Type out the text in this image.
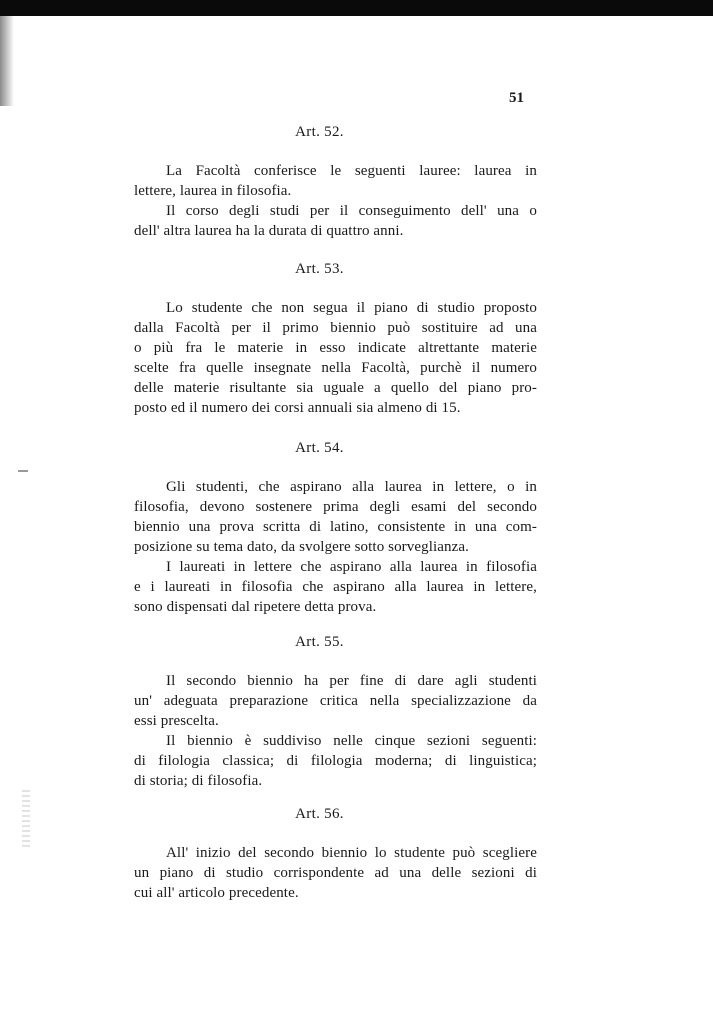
51
Art. 52.

La Facoltà conferisce le seguenti lauree: laurea in
lettere, laurea in filosofia.

Il corso degli studi per il conseguimento dell' una o
dell' altra laurea ha la durata di quattro anni.

Art. 53.

Lo studente che non segua il piano di studio proposto
dalla Facoltà per il primo biennio può sostituire ad una
o più fra le materie in esso indicate altrettante materie
scelte fra quelle insegnate nella Facoltà, purchè il numero
delle materie risultante sia uguale a quello del piano pro-
posto ed il numero dei corsi annuali sia almeno di 15.

Art. 54.

Gli studenti, che aspirano alla laurea in lettere, o in
filosofia, devono sostenere prima degli esami del secondo
biennio una prova scritta di latino, consistente in una com-
posizione su tema dato, da svolgere sotto sorveglianza.

I laureati in lettere che aspirano alla laurea in filosofia
e i laureati in filosofia che aspirano alla laurea in lettere,
sono dispensati dal ripetere detta prova.

Art. 55.

Il secondo biennio ha per fine di dare agli studenti
un' adeguata preparazione critica nella specializzazione da
essi prescelta.

Il biennio è suddiviso nelle cinque sezioni seguenti:
di filologia classica; di filologia moderna; di linguistica;
di storia; di filosofia.

Art. 56.

All' inizio del secondo biennio lo studente può scegliere
un piano di studio corrispondente ad una delle sezioni di
cui all' articolo precedente.
